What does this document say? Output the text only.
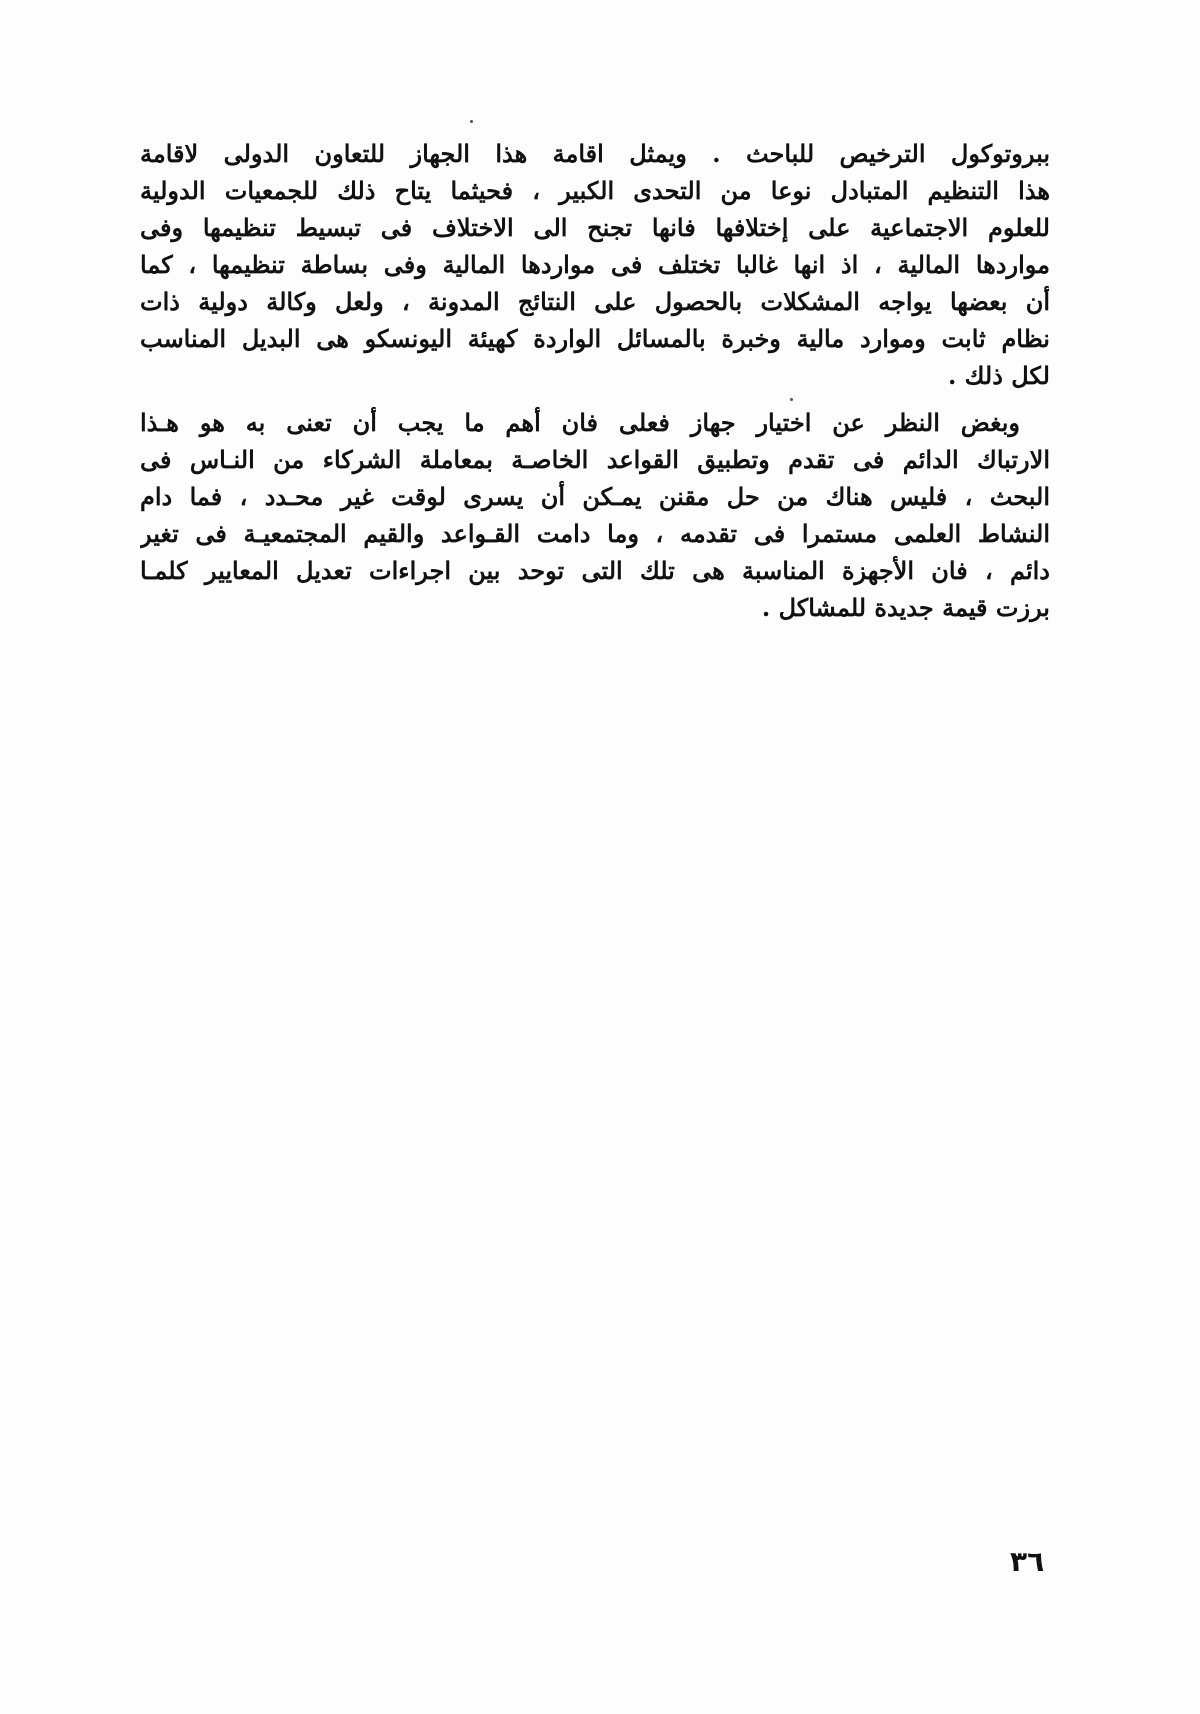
ببروتوكول الترخيص للباحث . ويمثل اقامة هذا الجهاز للتعاون الدولى لاقامة
هذا التنظيم المتبادل نوعا من التحدى الكبير ، فحيثما يتاح ذلك للجمعيات الدولية
للعلوم الاجتماعية على إختلافها فانها تجنح الى الاختلاف فى تبسيط تنظيمها وفى
مواردها المالية ، اذ انها غالبا تختلف فى مواردها المالية وفى بساطة تنظيمها ، كما
أن بعضها يواجه المشكلات بالحصول على النتائج المدونة ، ولعل وكالة دولية ذات
نظام ثابت وموارد مالية وخبرة بالمسائل الواردة كهيئة اليونسكو هى البديل المناسب
لكل ذلك .
وبغض النظر عن اختيار جهاز فعلى فان أهم ما يجب أن تعنى به هو هـذا
الارتباك الدائم فى تقدم وتطبيق القواعد الخاصـة بمعاملة الشركاء من النـاس فى
البحث ، فليس هناك من حل مقنن يمـكن أن يسرى لوقت غير محـدد ، فما دام
النشاط العلمى مستمرا فى تقدمه ، وما دامت القـواعد والقيم المجتمعيـة فى تغير
دائم ، فان الأجهزة المناسبة هى تلك التى توحد بين اجراءات تعديل المعايير كلمـا
برزت قيمة جديدة للمشاكل .
٣٦
